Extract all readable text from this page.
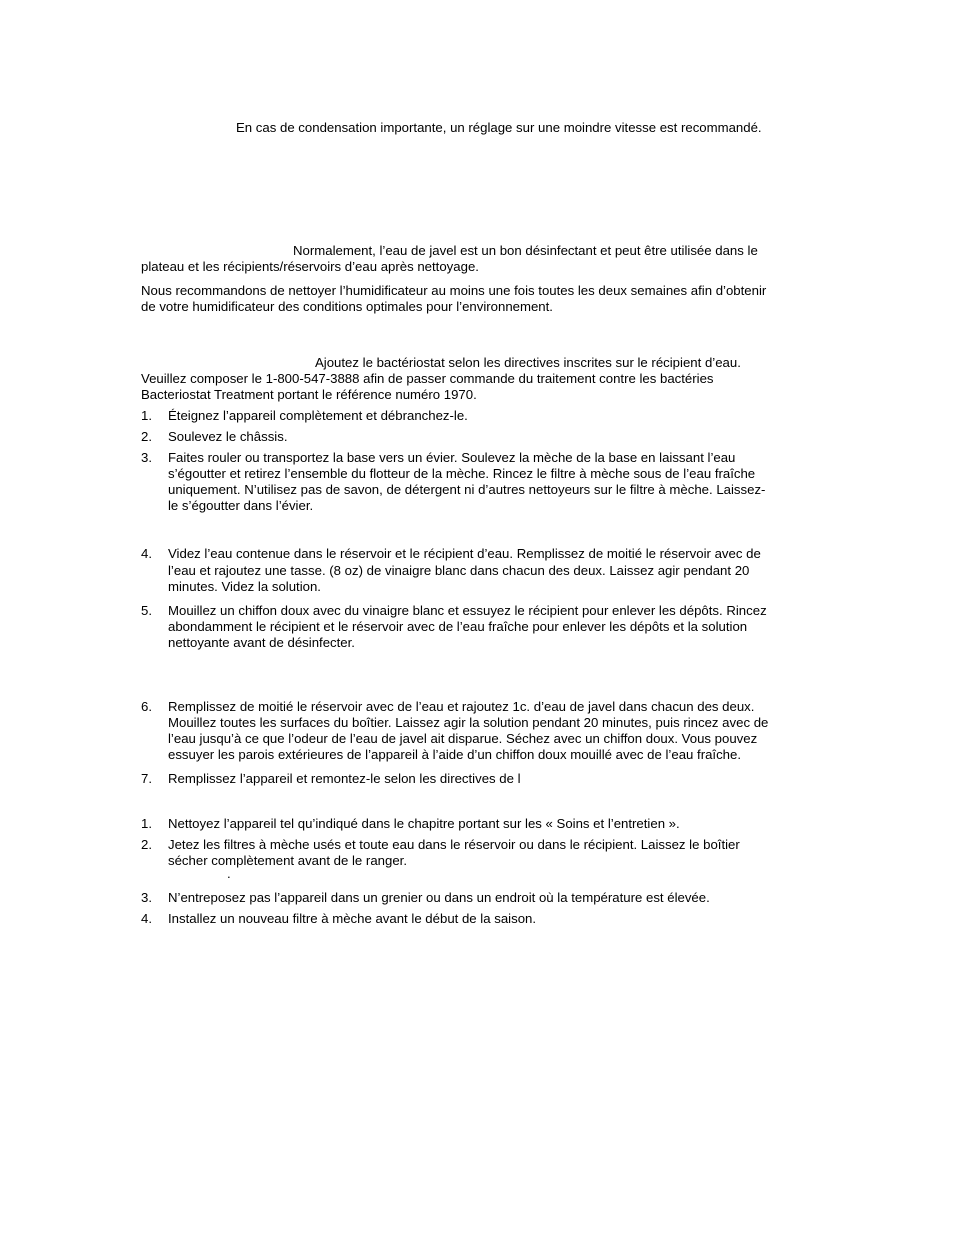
En cas de condensation importante, un réglage sur une moindre vitesse est recommandé.
Normalement, l’eau de javel est un bon désinfectant et peut être utilisée dans le
plateau et les récipients/réservoirs d’eau après nettoyage.
Nous recommandons de nettoyer l’humidificateur au moins une fois toutes les deux semaines afin d’obtenir
de votre humidificateur des conditions optimales pour l’environnement.
Ajoutez le bactériostat selon les directives inscrites sur le récipient d’eau.
Veuillez composer le 1-800-547-3888 afin de passer commande du traitement contre les bactéries
Bacteriostat Treatment portant le référence numéro 1970.
1. Éteignez l’appareil complètement et débranchez-le.
2. Soulevez le châssis.
3. Faites rouler ou transportez la base vers un évier. Soulevez la mèche de la base en laissant l’eau
s’égoutter et retirez l’ensemble du flotteur de la mèche. Rincez le filtre à mèche sous de l’eau fraîche
uniquement. N’utilisez pas de savon, de détergent ni d’autres nettoyeurs sur le filtre à mèche. Laissez-
le s’égoutter dans l’évier.
4. Videz l’eau contenue dans le réservoir et le récipient d’eau. Remplissez de moitié le réservoir avec de
l’eau et rajoutez une tasse. (8 oz) de vinaigre blanc dans chacun des deux. Laissez agir pendant 20
minutes. Videz la solution.
5. Mouillez un chiffon doux avec du vinaigre blanc et essuyez le récipient pour enlever les dépôts. Rincez
abondamment le récipient et le réservoir avec de l’eau fraîche pour enlever les dépôts et la solution
nettoyante avant de désinfecter.
6. Remplissez de moitié le réservoir avec de l’eau et rajoutez 1c. d’eau de javel dans chacun des deux.
Mouillez toutes les surfaces du boîtier. Laissez agir la solution pendant 20 minutes, puis rincez avec de
l’eau jusqu’à ce que l’odeur de l’eau de javel ait disparue. Séchez avec un chiffon doux. Vous pouvez
essuyer les parois extérieures de l’appareil à l’aide d’un chiffon doux mouillé avec de l’eau fraîche.
7. Remplissez l’appareil et remontez-le selon les directives de l
1. Nettoyez l’appareil tel qu’indiqué dans le chapitre portant sur les « Soins et l’entretien ».
2. Jetez les filtres à mèche usés et toute eau dans le réservoir ou dans le récipient. Laissez le boîtier
sécher complètement avant de le ranger.
.
3. N’entreposez pas l’appareil dans un grenier ou dans un endroit où la température est élevée.
4. Installez un nouveau filtre à mèche avant le début de la saison.
